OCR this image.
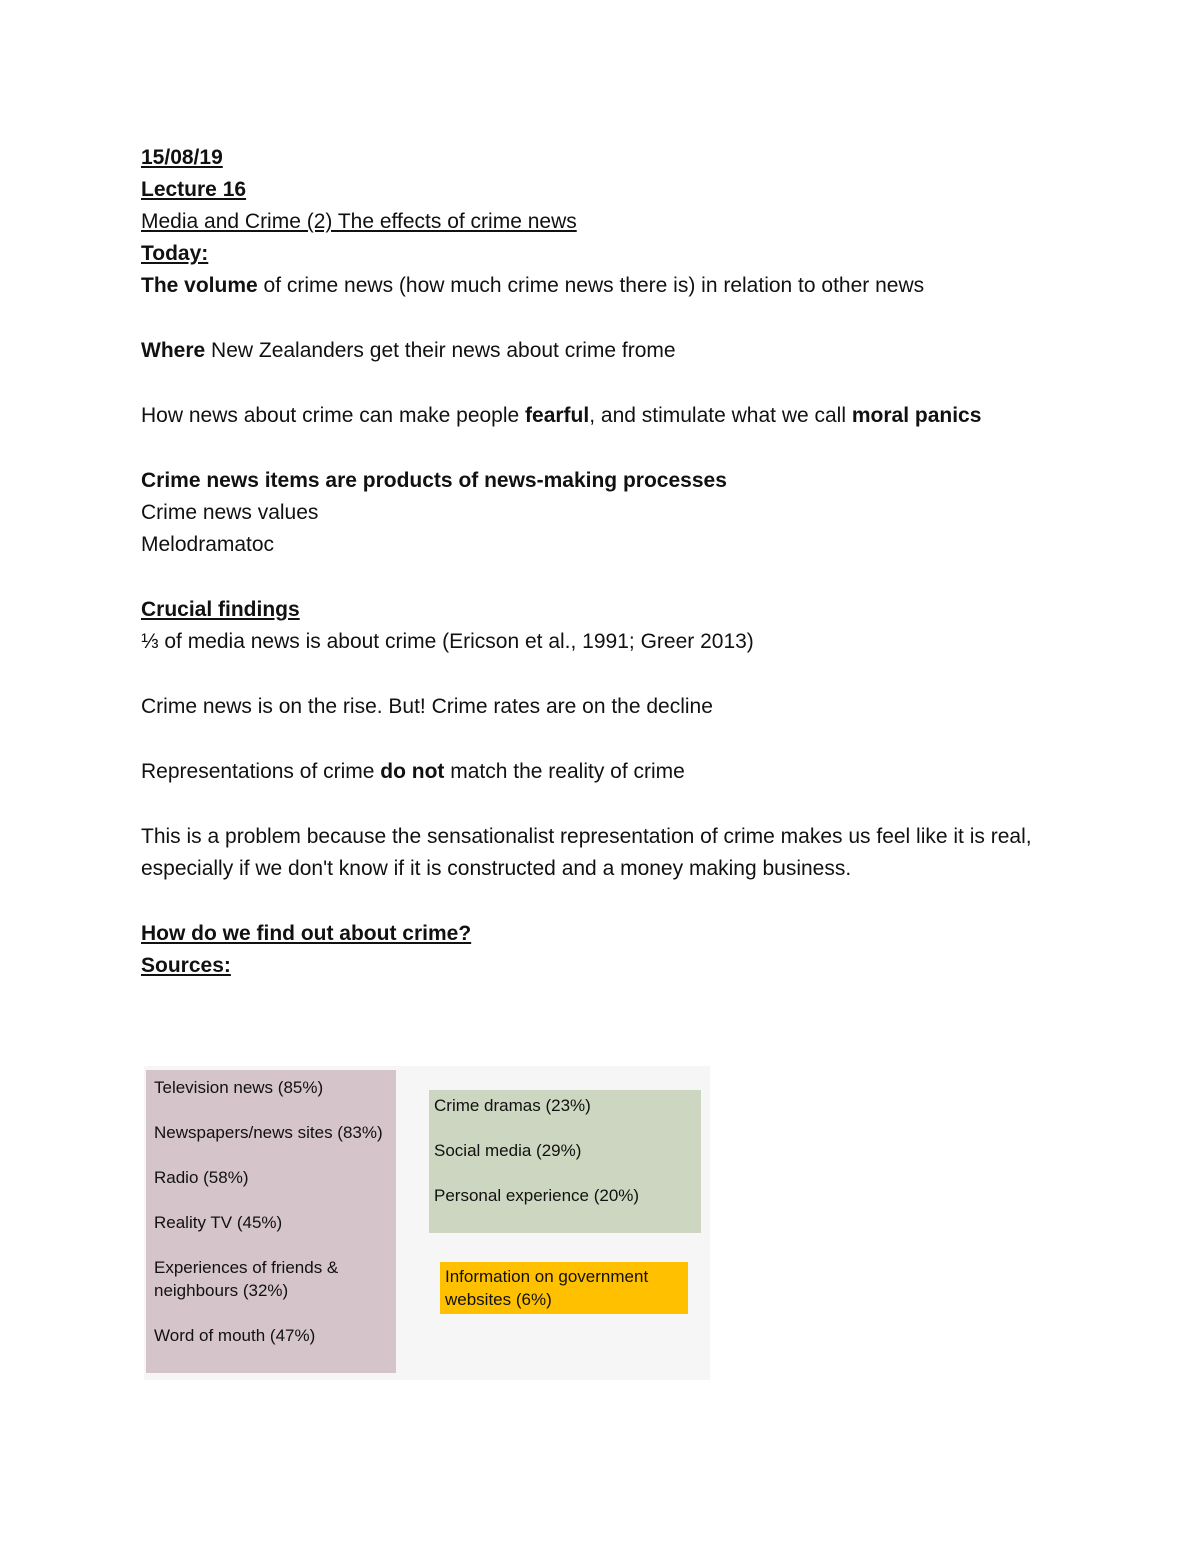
15/08/19

Lecture 16

Media and Crime (2) The effects of crime news

Today:

The volume of crime news (how much crime news there is) in relation to other news

Where New Zealanders get their news about crime frome

How news about crime can make people fearful, and stimulate what we call moral panics

Crime news items are products of news-making processes

Crime news values

Melodramatoc

Crucial findings

⅓ of media news is about crime (Ericson et al., 1991; Greer 2013)

Crime news is on the rise. But! Crime rates are on the decline

Representations of crime do not match the reality of crime

This is a problem because the sensationalist representation of crime makes us feel like it is real, especially if we don't know if it is constructed and a money making business.

How do we find out about crime?

Sources:

Television news (85%)
Newspapers/news sites (83%)
Radio (58%)
Reality TV (45%)
Experiences of friends & neighbours (32%)
Word of mouth (47%)
Crime dramas (23%)
Social media (29%)
Personal experience (20%)
Information on government websites (6%)
